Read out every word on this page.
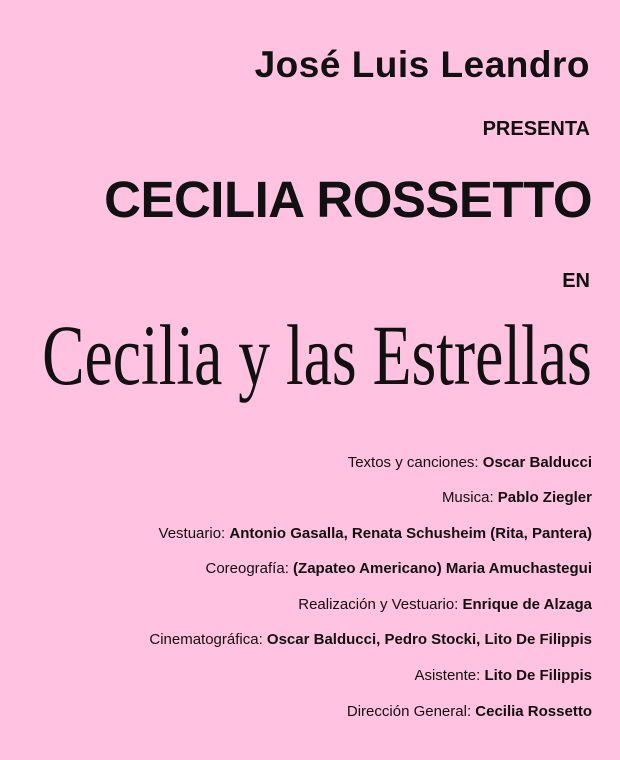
José Luis Leandro

PRESENTA

CECILIA ROSSETTO

EN

Cecilia y las Estrellas

Textos y canciones: Oscar Balducci

Musica: Pablo Ziegler

Vestuario: Antonio Gasalla, Renata Schusheim (Rita, Pantera)

Coreografía: (Zapateo Americano) Maria Amuchastegui

Realización y Vestuario: Enrique de Alzaga

Cinematográfica: Oscar Balducci, Pedro Stocki, Lito De Filippis

Asistente: Lito De Filippis

Dirección General: Cecilia Rossetto
